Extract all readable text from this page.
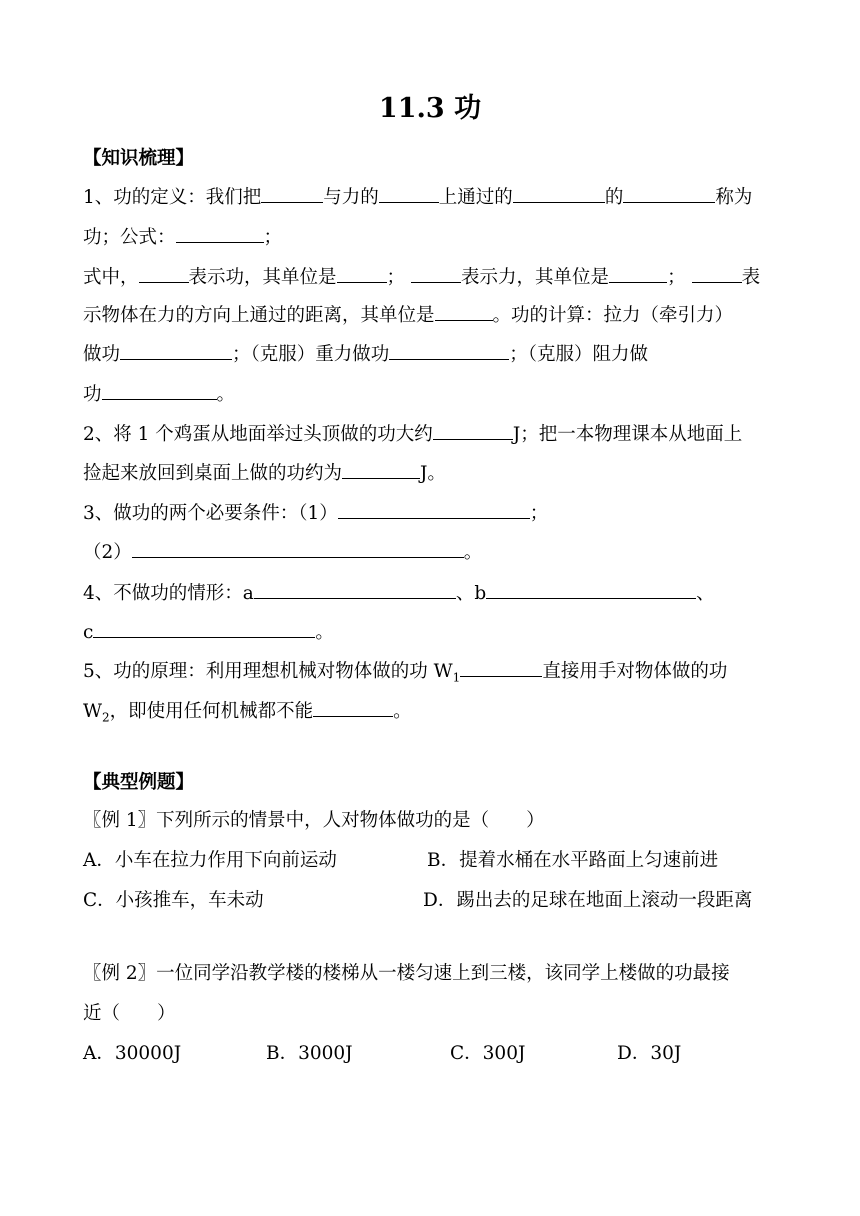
11.3 功
【知识梳理】
1、功的定义：我们把	与力的	上通过的	的	称为
功；公式：	；
式中，	表示功，其单位是	；	表示力，其单位是	；	表
示物体在力的方向上通过的距离，其单位是	。功的计算：拉力（牵引力）
做功	；（克服）重力做功	；（克服）阻力做
功	。
2、将 1 个鸡蛋从地面举过头顶做的功大约	J；把一本物理课本从地面上
捡起来放回到桌面上做的功约为	J。
3、做功的两个必要条件：（1）	；
（2）	。
4、不做功的情形：a	、b	、
c	。
5、功的原理：利用理想机械对物体做的功 $W_1$	直接用手对物体做的功
$W_2$，即使用任何机械都不能	。
【典型例题】
〖例 1〗下列所示的情景中，人对物体做功的是（　　）
A．小车在拉力作用下向前运动	B．提着水桶在水平路面上匀速前进
C．小孩推车，车未动	D．踢出去的足球在地面上滚动一段距离
〖例 2〗一位同学沿教学楼的楼梯从一楼匀速上到三楼，该同学上楼做的功最接
近（　　）
A．30000J	B．3000J	C．300J	D．30J
